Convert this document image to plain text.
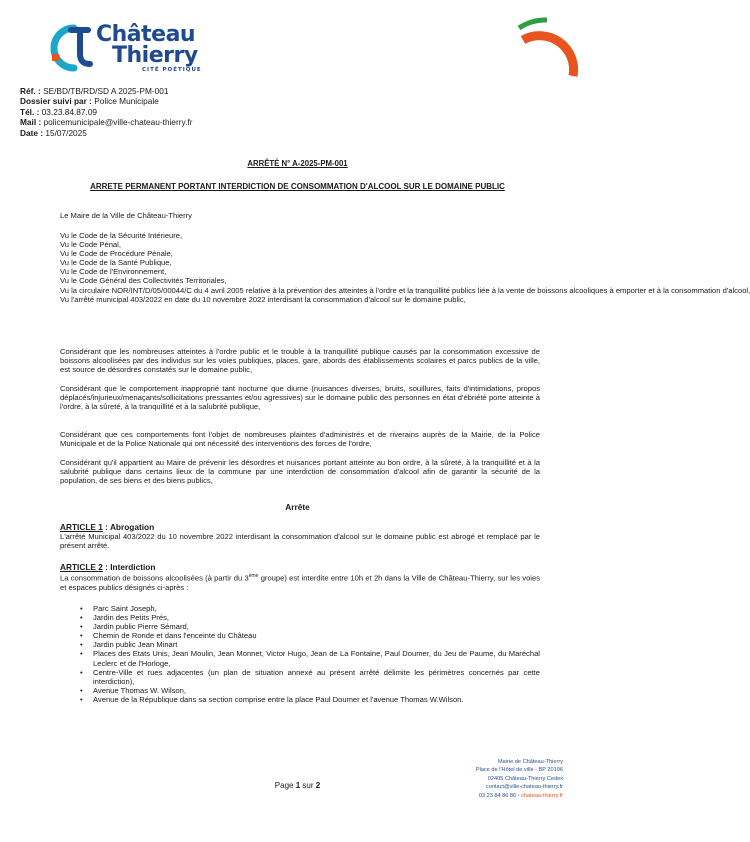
Château
Thierry
CITÉ POÉTIQUE
Réf. : SE/BD/TB/RD/SD A 2025-PM-001
Dossier suivi par : Police Municipale
Tél. : 03.23.84.87.09
Mail : policemunicipale@ville-chateau-thierry.fr
Date : 15/07/2025
ARRÊTÉ N° A-2025-PM-001
ARRETE PERMANENT PORTANT INTERDICTION DE CONSOMMATION D'ALCOOL SUR LE DOMAINE PUBLIC
Le Maire de la Ville de Château-Thierry
Vu le Code de la Sécurité Intérieure,
Vu le Code Pénal,
Vu le Code de Procédure Pénale,
Vu le Code de la Santé Publique,
Vu le Code de l'Environnement,
Vu le Code Général des Collectivités Territoriales,
Vu la circulaire NOR/INT/D/05/00044/C du 4 avril 2005 relative à la prévention des atteintes à l'ordre et la tranquillité publics liée à la vente de boissons alcooliques à emporter et à la consommation d'alcool,
Vu l'arrêté municipal 403/2022 en date du 10 novembre 2022 interdisant la consommation d'alcool sur le domaine public,
Considérant que les nombreuses atteintes à l'ordre public et le trouble à la tranquillité publique causés par la consommation excessive de boissons alcoolisées par des individus sur les voies publiques, places, gare, abords des établissements scolaires et parcs publics de la ville, est source de désordres constatés sur le domaine public,
Considérant que le comportement inapproprié tant nocturne que diurne (nuisances diverses, bruits, souillures, faits d'intimidations, propos déplacés/injurieux/menaçants/sollicitations pressantes et/ou agressives) sur le domaine public des personnes en état d'ébriété porte atteinte à l'ordre, à la sûreté, à la tranquillité et à la salubrité publique,
Considérant que ces comportements font l'objet de nombreuses plaintes d'administrés et de riverains auprès de la Mairie, de la Police Municipale et de la Police Nationale qui ont nécessité des interventions des forces de l'ordre,
Considérant qu'il appartient au Maire de prévenir les désordres et nuisances portant atteinte au bon ordre, à la sûreté, à la tranquillité et à la salubrité publique dans certains lieux de la commune par une interdiction de consommation d'alcool afin de garantir la sécurité de la population, de ses biens et des biens publics,
Arrête
ARTICLE 1 : Abrogation
L'arrêté Municipal 403/2022 du 10 novembre 2022 interdisant la consommation d'alcool sur le domaine public est abrogé et remplacé par le présent arrêté.
ARTICLE 2 : Interdiction
La consommation de boissons alcoolisées (à partir du 3ème groupe) est interdite entre 10h et 2h dans la Ville de Château-Thierry, sur les voies et espaces publics désignés ci-après :
• Parc Saint Joseph,
• Jardin des Petits Prés,
• Jardin public Pierre Sémard,
• Chemin de Ronde et dans l'enceinte du Château
• Jardin public Jean Minart
• Places des Etats Unis, Jean Moulin, Jean Monnet, Victor Hugo, Jean de La Fontaine, Paul Doumer, du Jeu de Paume, du Maréchal Leclerc et de l'Horloge,
• Centre-Ville et rues adjacentes (un plan de situation annexé au présent arrêté délimite les périmètres concernés par cette interdiction),
• Avenue Thomas W. Wilson,
• Avenue de la République dans sa section comprise entre la place Paul Doumer et l'avenue Thomas W.Wilson.
Page 1 sur 2
Mairie de Château-Thierry
Place de l'Hôtel de ville - BP 20196
02405 Château-Thierry Cedex
contact@ville-chateau-thierry.fr
03 23 84 86 86 - chateau-thierry.fr
